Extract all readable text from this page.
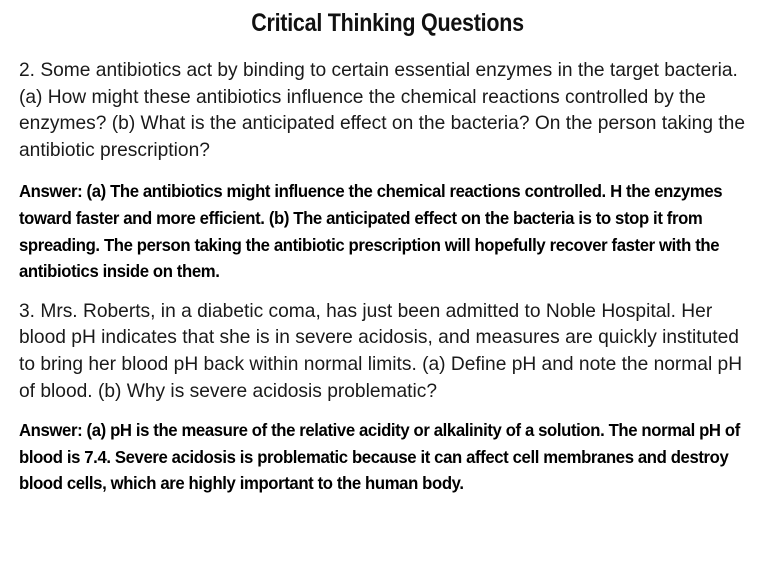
Critical Thinking Questions

2. Some antibiotics act by binding to certain essential enzymes in the target bacteria. (a) How might these antibiotics influence the chemical reactions controlled by the enzymes? (b) What is the anticipated effect on the bacteria? On the person taking the antibiotic prescription?

Answer: (a) The antibiotics might influence the chemical reactions controlled. H the enzymes toward faster and more efficient. (b) The anticipated effect on the bacteria is to stop it from spreading. The person taking the antibiotic prescription will hopefully recover faster with the antibiotics inside on them.

3. Mrs. Roberts, in a diabetic coma, has just been admitted to Noble Hospital. Her blood pH indicates that she is in severe acidosis, and measures are quickly instituted to bring her blood pH back within normal limits. (a) Define pH and note the normal pH of blood. (b) Why is severe acidosis problematic?

Answer: (a) pH is the measure of the relative acidity or alkalinity of a solution. The normal pH of blood is 7.4. Severe acidosis is problematic because it can affect cell membranes and destroy blood cells, which are highly important to the human body.
